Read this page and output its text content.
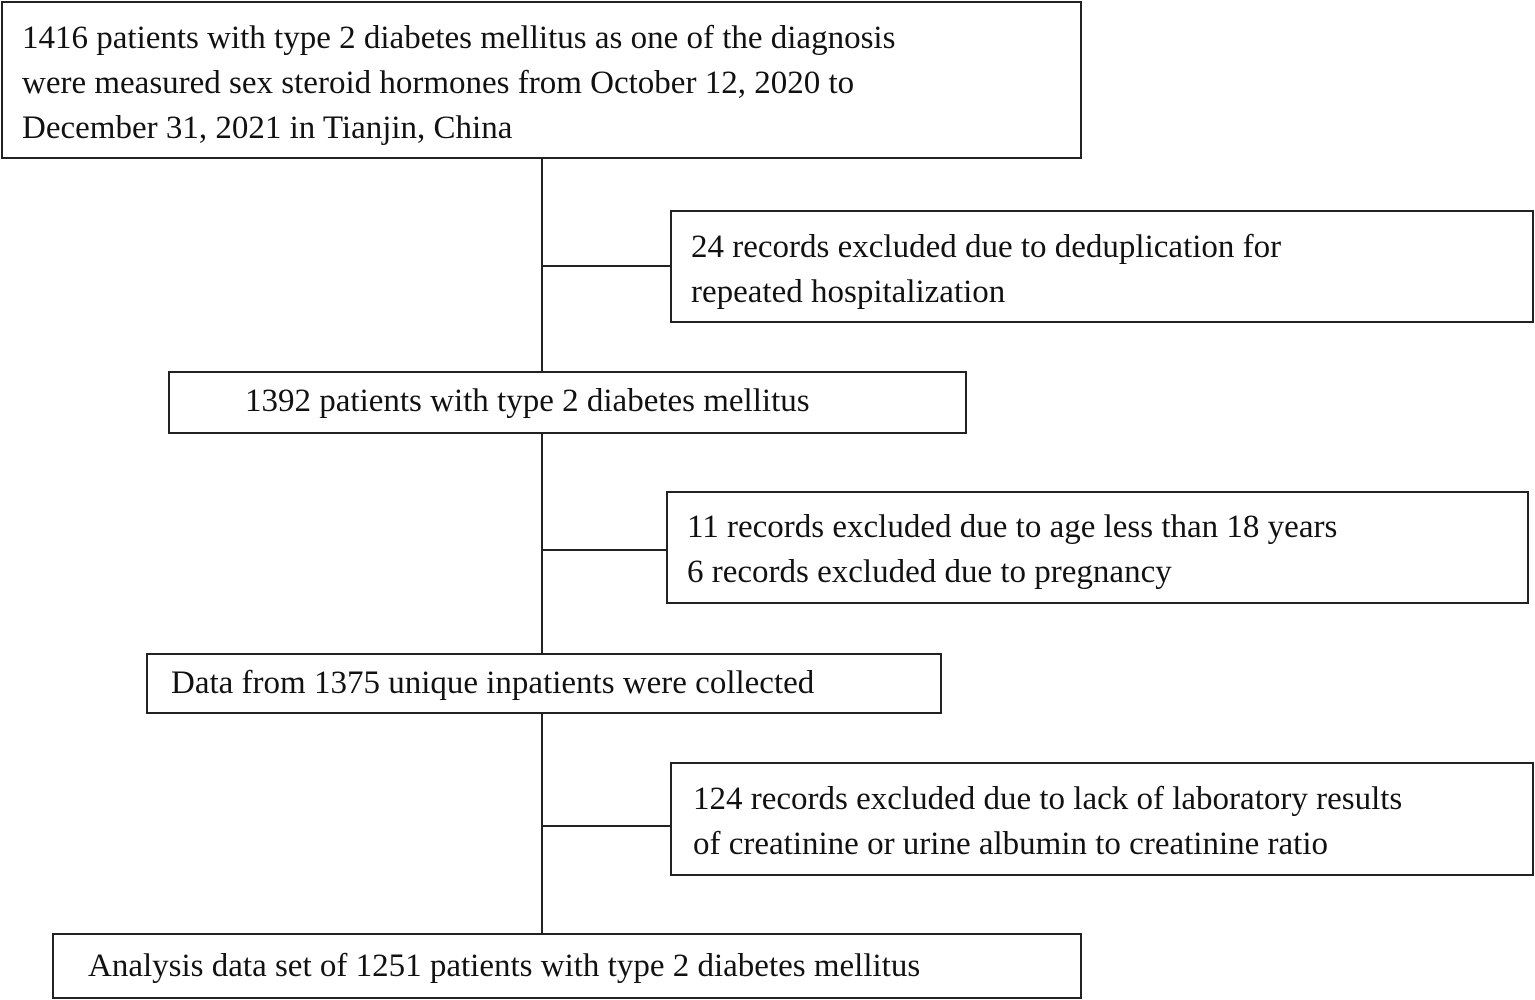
1416 patients with type 2 diabetes mellitus as one of the diagnosis
were measured sex steroid hormones from October 12, 2020 to
December 31, 2021 in Tianjin, China
24 records excluded due to deduplication for
repeated hospitalization
1392 patients with type 2 diabetes mellitus
11 records excluded due to age less than 18 years
6 records excluded due to pregnancy
Data from 1375 unique inpatients were collected
124 records excluded due to lack of laboratory results
of creatinine or urine albumin to creatinine ratio
Analysis data set of 1251 patients with type 2 diabetes mellitus
